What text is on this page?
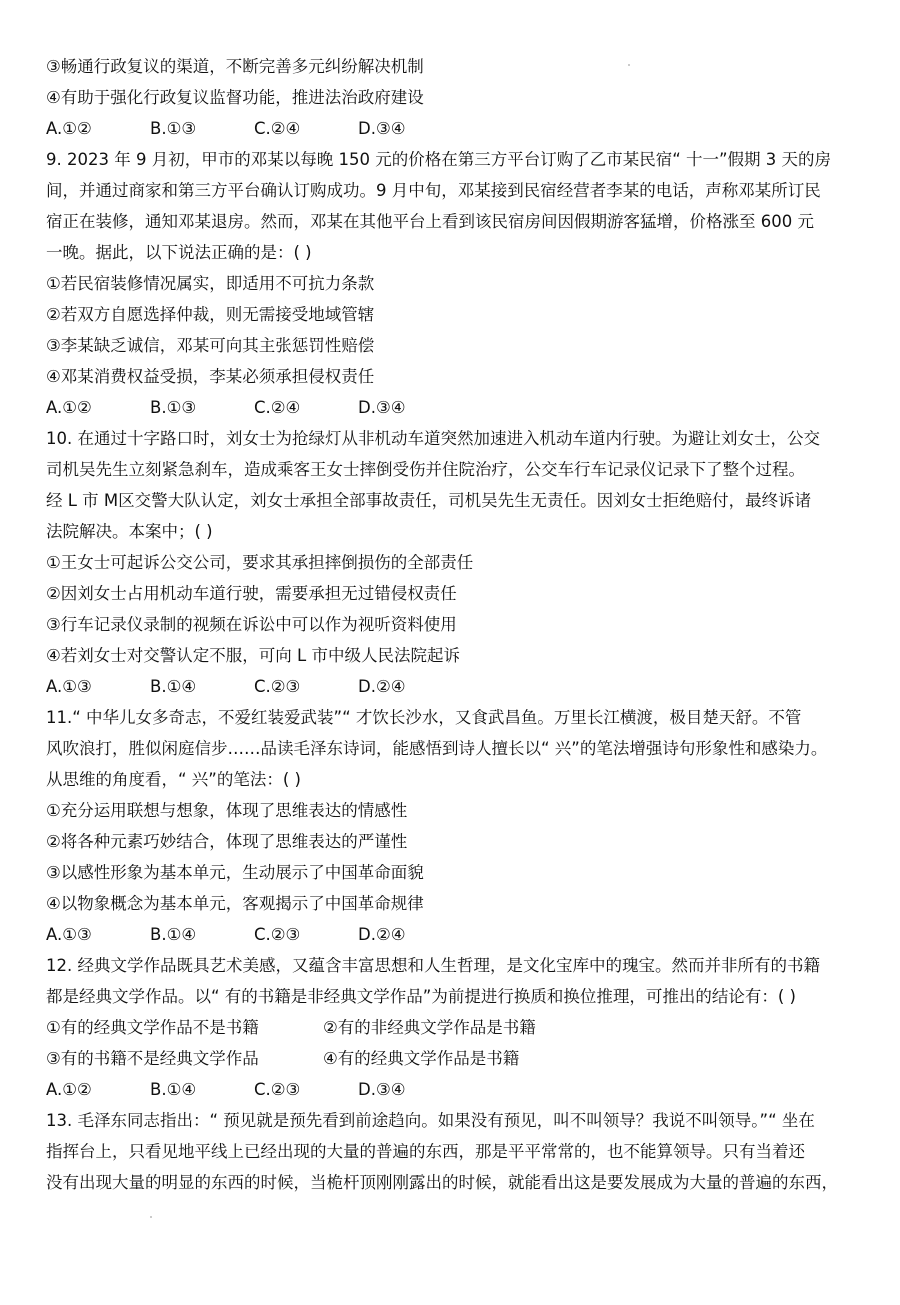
③畅通行政复议的渠道，不断完善多元纠纷解决机制
④有助于强化行政复议监督功能，推进法治政府建设
A.①②	B.①③	C.②④	D.③④
9. 2023 年 9 月初，甲市的邓某以每晚 150 元的价格在第三方平台订购了乙市某民宿“ 十一”假期 3 天的房
间，并通过商家和第三方平台确认订购成功。9 月中旬，邓某接到民宿经营者李某的电话，声称邓某所订民
宿正在装修，通知邓某退房。然而，邓某在其他平台上看到该民宿房间因假期游客猛增，价格涨至 600 元
一晚。据此，以下说法正确的是：( )
①若民宿装修情况属实，即适用不可抗力条款
②若双方自愿选择仲裁，则无需接受地域管辖
③李某缺乏诚信，邓某可向其主张惩罚性赔偿
④邓某消费权益受损，李某必须承担侵权责任
A.①②	B.①③	C.②④	D.③④
10. 在通过十字路口时，刘女士为抢绿灯从非机动车道突然加速进入机动车道内行驶。为避让刘女士，公交
司机吴先生立刻紧急刹车，造成乘客王女士摔倒受伤并住院治疗，公交车行车记录仪记录下了整个过程。
经 L 市 M区交警大队认定，刘女士承担全部事故责任，司机吴先生无责任。因刘女士拒绝赔付，最终诉诸
法院解决。本案中；( )
①王女士可起诉公交公司，要求其承担摔倒损伤的全部责任
②因刘女士占用机动车道行驶，需要承担无过错侵权责任
③行车记录仪录制的视频在诉讼中可以作为视听资料使用
④若刘女士对交警认定不服，可向 L 市中级人民法院起诉
A.①③	B.①④	C.②③	D.②④
11.“ 中华儿女多奇志，不爱红装爱武装”“ 才饮长沙水，又食武昌鱼。万里长江横渡，极目楚天舒。不管
风吹浪打，胜似闲庭信步……品读毛泽东诗词，能感悟到诗人擅长以“ 兴”的笔法增强诗句形象性和感染力。
从思维的角度看，“ 兴”的笔法：( )
①充分运用联想与想象，体现了思维表达的情感性
②将各种元素巧妙结合，体现了思维表达的严谨性
③以感性形象为基本单元，生动展示了中国革命面貌
④以物象概念为基本单元，客观揭示了中国革命规律
A.①③	B.①④	C.②③	D.②④
12. 经典文学作品既具艺术美感，又蕴含丰富思想和人生哲理，是文化宝库中的瑰宝。然而并非所有的书籍
都是经典文学作品。以“ 有的书籍是非经典文学作品”为前提进行换质和换位推理，可推出的结论有：( )
①有的经典文学作品不是书籍	②有的非经典文学作品是书籍
③有的书籍不是经典文学作品	④有的经典文学作品是书籍
A.①②	B.①④	C.②③	D.③④
13. 毛泽东同志指出：“ 预见就是预先看到前途趋向。如果没有预见，叫不叫领导？我说不叫领导。”“ 坐在
指挥台上，只看见地平线上已经出现的大量的普遍的东西，那是平平常常的，也不能算领导。只有当着还
没有出现大量的明显的东西的时候，当桅杆顶刚刚露出的时候，就能看出这是要发展成为大量的普遍的东西，
